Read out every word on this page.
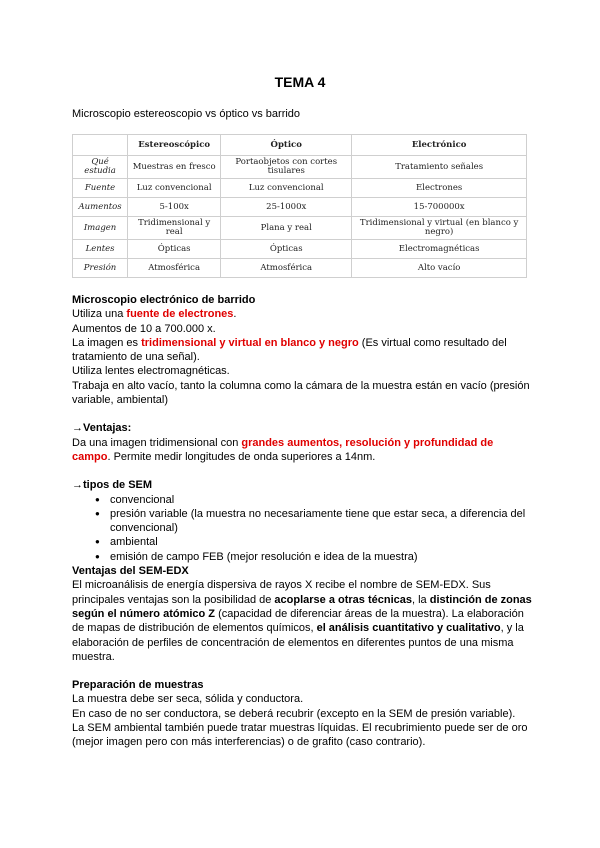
TEMA 4
Microscopio estereoscopio vs óptico vs barrido
	Estereoscópico	Óptico	Electrónico
Qué estudia	Muestras en fresco	Portaobjetos con cortes tisulares	Tratamiento señales
Fuente	Luz convencional	Luz convencional	Electrones
Aumentos	5-100x	25-1000x	15-700000x
Imagen	Tridimensional y real	Plana y real	Tridimensional y virtual (en blanco y negro)
Lentes	Ópticas	Ópticas	Electromagnéticas
Presión	Atmosférica	Atmosférica	Alto vacío

Microscopio electrónico de barrido

Utiliza una fuente de electrones.

Aumentos de 10 a 700.000 x.

La imagen es tridimensional y virtual en blanco y negro (Es virtual como resultado del tratamiento de una señal).

Utiliza lentes electromagnéticas.

Trabaja en alto vacío, tanto la columna como la cámara de la muestra están en vacío (presión variable, ambiental)

→Ventajas:

Da una imagen tridimensional con grandes aumentos, resolución y profundidad de campo. Permite medir longitudes de onda superiores a 14nm.

→tipos de SEM

● convencional
● presión variable (la muestra no necesariamente tiene que estar seca, a diferencia del convencional)
● ambiental
● emisión de campo FEB (mejor resolución e idea de la muestra)

Ventajas del SEM-EDX

El microanálisis de energía dispersiva de rayos X recibe el nombre de SEM-EDX. Sus principales ventajas son la posibilidad de acoplarse a otras técnicas, la distinción de zonas según el número atómico Z (capacidad de diferenciar áreas de la muestra). La elaboración de mapas de distribución de elementos químicos, el análisis cuantitativo y cualitativo, y la elaboración de perfiles de concentración de elementos en diferentes puntos de una misma muestra.

Preparación de muestras

La muestra debe ser seca, sólida y conductora.

En caso de no ser conductora, se deberá recubrir (excepto en la SEM de presión variable).

La SEM ambiental también puede tratar muestras líquidas. El recubrimiento puede ser de oro (mejor imagen pero con más interferencias) o de grafito (caso contrario).
